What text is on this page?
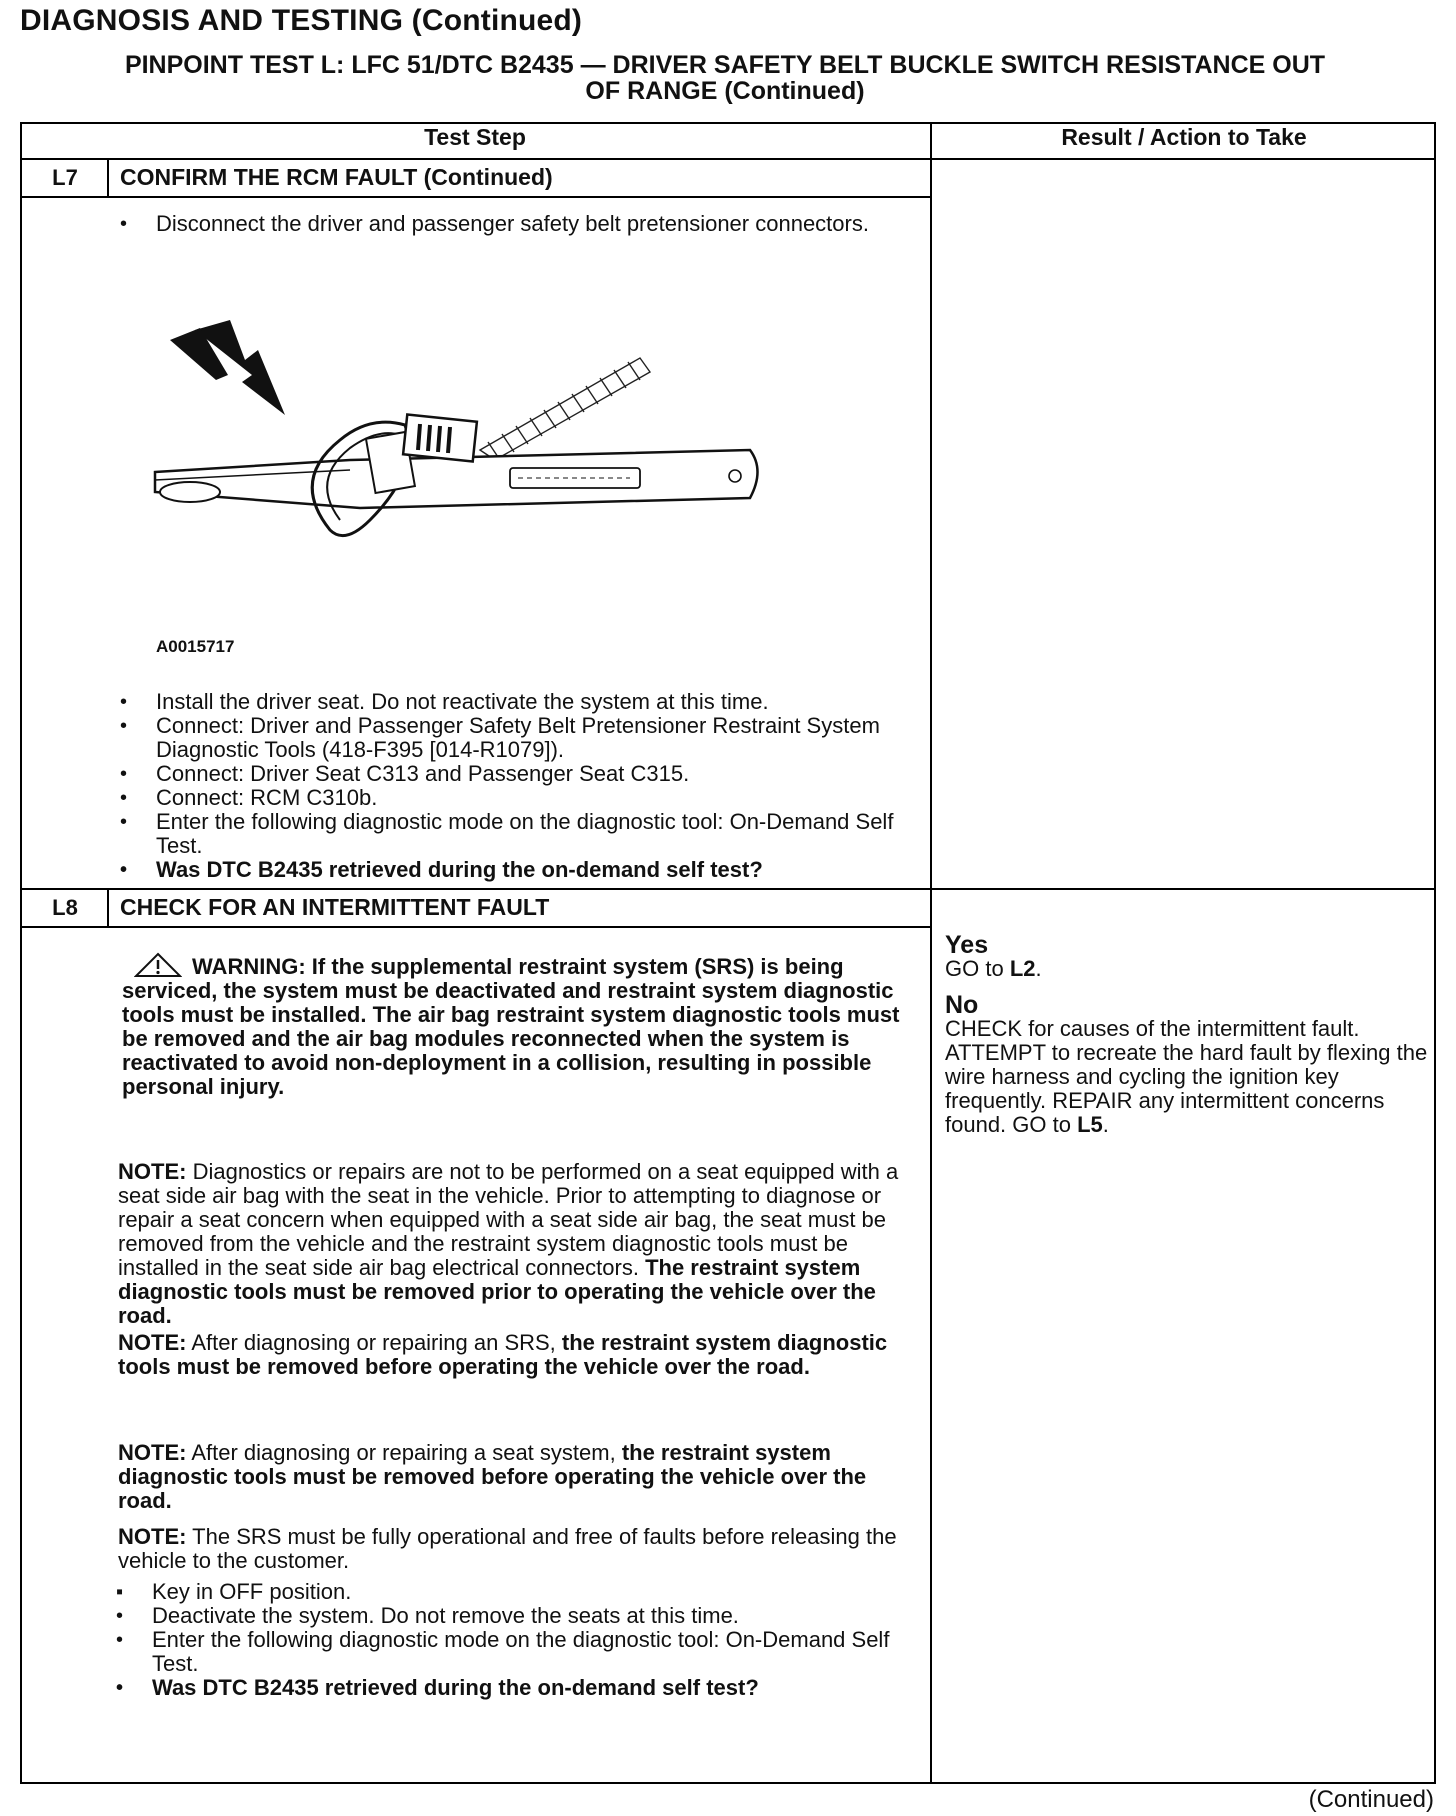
DIAGNOSIS AND TESTING (Continued)
PINPOINT TEST L: LFC 51/DTC B2435 — DRIVER SAFETY BELT BUCKLE SWITCH RESISTANCE OUT
OF RANGE (Continued)
Test Step	Result / Action to Take
L7	CONFIRM THE RCM FAULT (Continued)
• Disconnect the driver and passenger safety belt pretensioner connectors.
A0015717
• Install the driver seat. Do not reactivate the system at this time.
• Connect: Driver and Passenger Safety Belt Pretensioner Restraint System Diagnostic Tools (418-F395 [014-R1079]).
• Connect: Driver Seat C313 and Passenger Seat C315.
• Connect: RCM C310b.
• Enter the following diagnostic mode on the diagnostic tool: On-Demand Self Test.
• Was DTC B2435 retrieved during the on-demand self test?
L8	CHECK FOR AN INTERMITTENT FAULT
WARNING: If the supplemental restraint system (SRS) is being serviced, the system must be deactivated and restraint system diagnostic tools must be installed. The air bag restraint system diagnostic tools must be removed and the air bag modules reconnected when the system is reactivated to avoid non-deployment in a collision, resulting in possible personal injury.
NOTE: Diagnostics or repairs are not to be performed on a seat equipped with a seat side air bag with the seat in the vehicle. Prior to attempting to diagnose or repair a seat concern when equipped with a seat side air bag, the seat must be removed from the vehicle and the restraint system diagnostic tools must be installed in the seat side air bag electrical connectors. The restraint system diagnostic tools must be removed prior to operating the vehicle over the road.
NOTE: After diagnosing or repairing an SRS, the restraint system diagnostic tools must be removed before operating the vehicle over the road.
NOTE: After diagnosing or repairing a seat system, the restraint system diagnostic tools must be removed before operating the vehicle over the road.
NOTE: The SRS must be fully operational and free of faults before releasing the vehicle to the customer.
▪ Key in OFF position.
• Deactivate the system. Do not remove the seats at this time.
• Enter the following diagnostic mode on the diagnostic tool: On-Demand Self Test.
• Was DTC B2435 retrieved during the on-demand self test?
Yes
GO to L2.
No
CHECK for causes of the intermittent fault. ATTEMPT to recreate the hard fault by flexing the wire harness and cycling the ignition key frequently. REPAIR any intermittent concerns found. GO to L5.
(Continued)
